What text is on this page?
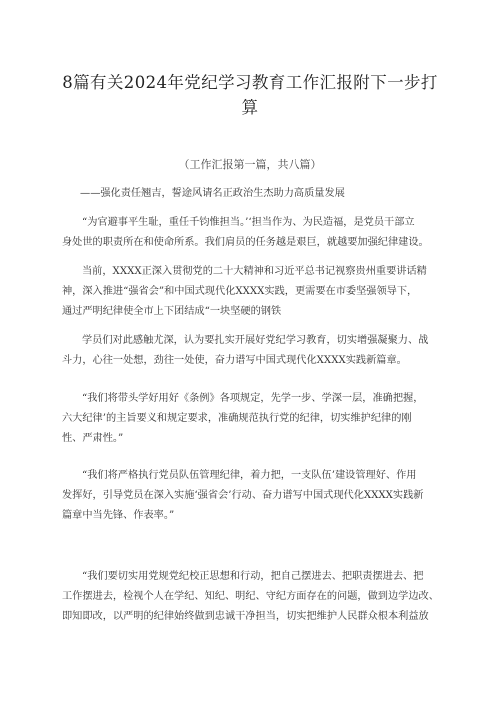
8篇有关2024年党纪学习教育工作汇报附下一步打
算
（工作汇报第一篇，共八篇）
——强化责任翘吉，誓途风请名正政治生杰助力高质量发展
“为官避事平生耻，重任千钧惟担当。’‘担当作为、为民造福，是党员干部立
身处世的职责所在和使命所系。我们肩员的任务越是艰巨，就越要加强纪律建设。
当前，XXXX正深入贯彻党的二十大精神和习近平总书记视察贵州重要讲话精
神，深入推进“强省会”和中国式现代化XXXX实践，更需要在市委坚强领导下，
通过严明纪律使全市上下团结成“一块坚硬的钢铁
学员们对此感触尤深，认为要扎实开展好党纪学习教育，切实增强凝聚力、战
斗力，心往一处想，劲往一处使，奋力谱写中国式现代化XXXX实践新篇章。
“我们将带头学好用好《条例》各项规定，先学一步、学深一层，准确把握，
六大纪律’的主旨要义和规定要求，准确规范执行党的纪律，切实维护纪律的刚
性、严肃性。”
“我们将严格执行党员队伍管理纪律，着力把，一支队伍’建设管理好、作用
发挥好，引导党员在深入实施‘强省会’行动、奋力谱写中国式现代化XXXX实践新
篇章中当先锋、作表率。”
“我们要切实用党规党纪校正思想和行动，把自己摆进去、把职责摆进去、把
工作摆进去，检视个人在学纪、知纪、明纪、守纪方面存在的问题，做到边学边改、
即知即改，以严明的纪律始终做到忠诚干净担当，切实把维护人民群众根本利益放
